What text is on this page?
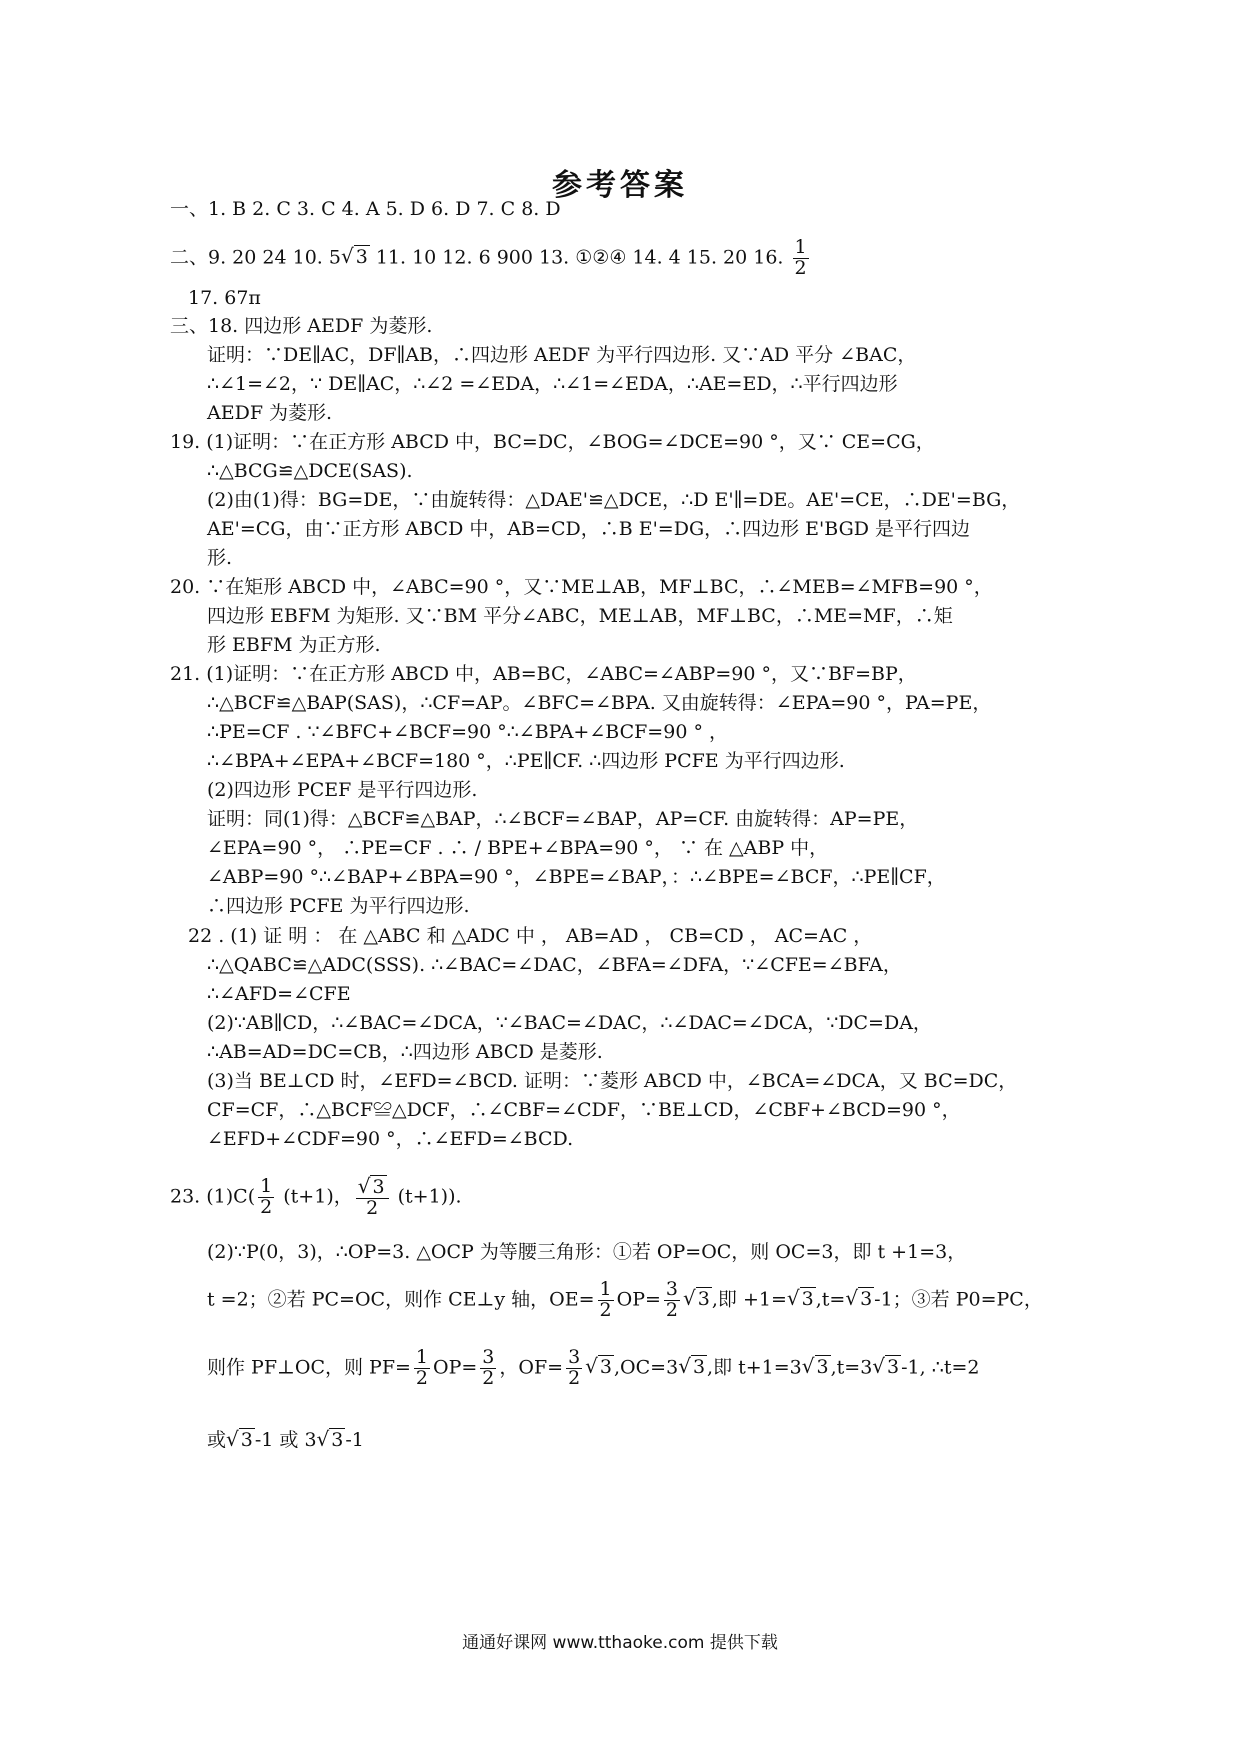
参考答案
一、1. B 2. C 3. C 4. A 5. D 6. D 7. C 8. D
二、9. 20 24 10. 5√ 3 11. 10 12. 6 900 13. ①②④ 14. 4 15. 20 16. $\frac{1}{2}$
17. 67π
三、18. 四边形 AEDF 为菱形.
证明：∵DE∥AC，DF∥AB，∴四边形 AEDF 为平行四边形. 又∵AD 平分 ∠BAC，
∴∠1=∠2，∵ DE∥AC，∴∠2 =∠EDA，∴∠1=∠EDA，∴AE=ED，∴平行四边形
AEDF 为菱形.
19. (1)证明：∵在正方形 ABCD 中，BC=DC，∠BOG=∠DCE=90 °，又∵ CE=CG，
∴△BCG≌△DCE(SAS).
(2)由(1)得：BG=DE，∵由旋转得：△DAE'≌△DCE，∴D E'∥=DE。AE'=CE，∴DE'=BG，
AE'=CG，由∵正方形 ABCD 中，AB=CD，∴B E'=DG，∴四边形 E'BGD 是平行四边
形.
20. ∵在矩形 ABCD 中，∠ABC=90 °，又∵ME⊥AB，MF⊥BC，∴∠MEB=∠MFB=90 °，
四边形 EBFM 为矩形. 又∵BM 平分∠ABC，ME⊥AB，MF⊥BC，∴ME=MF，∴矩
形 EBFM 为正方形.
21. (1)证明：∵在正方形 ABCD 中，AB=BC，∠ABC=∠ABP=90 °，又∵BF=BP，
∴△BCF≌△BAP(SAS)，∴CF=AP。∠BFC=∠BPA. 又由旋转得：∠EPA=90 °，PA=PE，
∴PE=CF . ∵∠BFC+∠BCF=90 °∴∠BPA+∠BCF=90 ° ，
∴∠BPA+∠EPA+∠BCF=180 °，∴PE∥CF. ∴四边形 PCFE 为平行四边形.
(2)四边形 PCEF 是平行四边形.
证明：同(1)得：△BCF≌△BAP，∴∠BCF=∠BAP，AP=CF. 由旋转得：AP=PE，
∠EPA=90 °， ∴PE=CF . ∴ / BPE+∠BPA=90 °， ∵ 在 △ABP 中，
∠ABP=90 °∴∠BAP+∠BPA=90 °，∠BPE=∠BAP，：∴∠BPE=∠BCF，∴PE∥CF，
∴四边形 PCFE 为平行四边形.
22 . (1) 证 明 ： 在 △ABC 和 △ADC 中 ， AB=AD ， CB=CD ， AC=AC ，
∴△QABC≌△ADC(SSS). ∴∠BAC=∠DAC，∠BFA=∠DFA，∵∠CFE=∠BFA，
∴∠AFD=∠CFE
(2)∵AB∥CD，∴∠BAC=∠DCA，∵∠BAC=∠DAC，∴∠DAC=∠DCA，∵DC=DA，
∴AB=AD=DC=CB，∴四边形 ABCD 是菱形.
(3)当 BE⊥CD 时，∠EFD=∠BCD. 证明：∵菱形 ABCD 中，∠BCA=∠DCA，又 BC=DC，
CF=CF，∴△BCF≌△DCF，∴∠CBF=∠CDF，∵BE⊥CD，∠CBF+∠BCD=90 °，
∠EFD+∠CDF=90 °，∴∠EFD=∠BCD.
23. $(1)C( \frac{1}{2} (t+1)$， $\frac{√ 3}{2} (t+1)$).
(2)∵P(0，3)，∴OP=3. △OCP 为等腰三角形：①若 OP=OC，则 OC=3，即 t +1=3，
t =2；②若 PC=OC，则作 CE⊥y 轴，$OE= \frac{1}{2} OP= \frac{3}{2}$ √ 3 ,即 +1=√ 3 ,t=√ 3 -1；③若 P0=PC，
则作 PF⊥OC，则 $PF= \frac{1}{2} OP= \frac{3}{2}$ ，$OF= \frac{3}{2}$ √ 3 ,OC=3√ 3 ,即 t+1=3√ 3 ,t=3√ 3 -1, ∴t=2
或√ 3 -1 或 3√ 3 -1
通通好课网 www.tthaoke.com 提供下载
